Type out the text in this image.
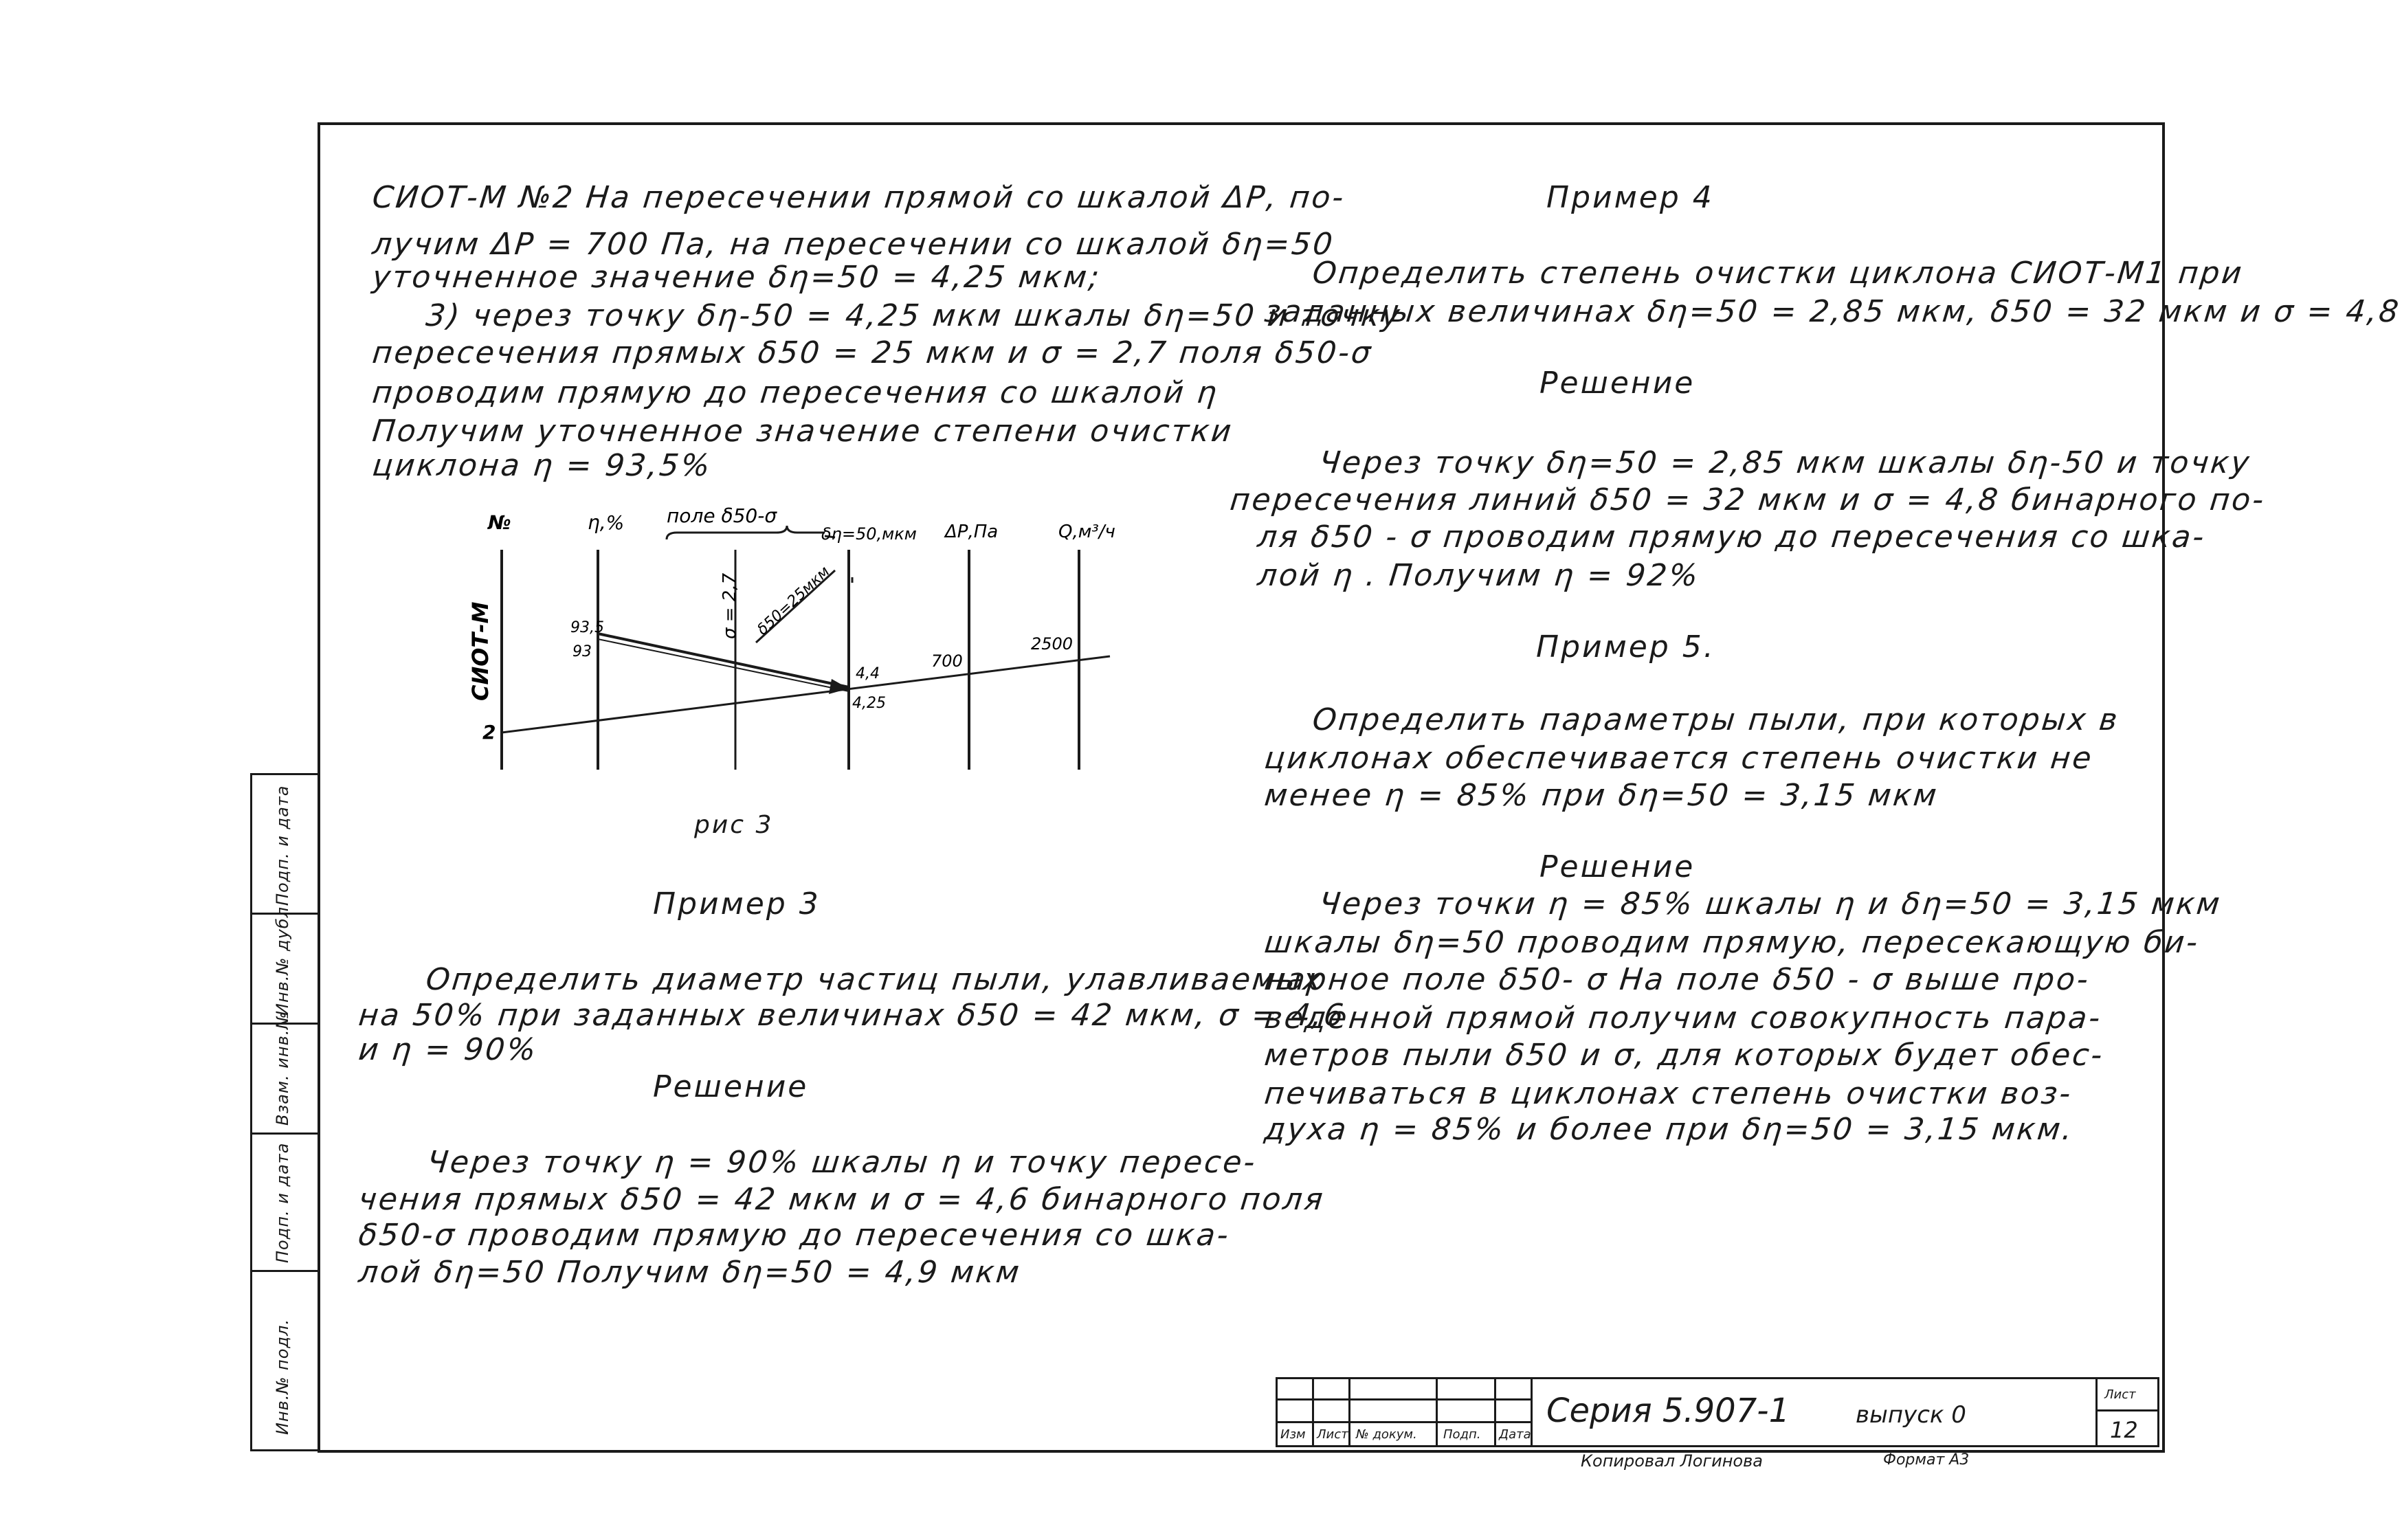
СИОТ-М №2 На пересечении прямой со шкалой ΔР, по-
лучим ΔР = 700 Па, на пересечении со шкалой δη=50
уточненное значение δη=50 = 4,25 мкм;
3) через точку δη-50 = 4,25 мкм шкалы δη=50 и точку
пересечения прямых δ50 = 25 мкм и σ = 2,7 поля δ50-σ
проводим прямую до пересечения со шкалой η
Получим уточненное значение степени очистки
циклона η = 93,5%
№	η,% поле δ50-σ
δη=50,мкм ΔР,Па	Q,м³/ч
СИОТ-М	σ = 2,7 δ50=25мкм
93,5
93
2
4,4
4,25
700
2500
рис 3
Пример 3
Определить диаметр частиц пыли, улавливаемых
на 50% при заданных величинах δ50 = 42 мкм, σ = 4,6
и η = 90%
Решение
Через точку η = 90% шкалы η и точку пересе-
чения прямых δ50 = 42 мкм и σ = 4,6 бинарного поля
δ50-σ проводим прямую до пересечения со шка-
лой δη=50 Получим δη=50 = 4,9 мкм
Пример 4
Определить степень очистки циклона СИОТ-М1 при
заданных величинах δη=50 = 2,85 мкм, δ50 = 32 мкм и σ = 4,8
Решение
Через точку δη=50 = 2,85 мкм шкалы δη-50 и точку
пересечения линий δ50 = 32 мкм и σ = 4,8 бинарного по-
ля δ50 - σ проводим прямую до пересечения со шка-
лой η . Получим η = 92%
Пример 5.
Определить параметры пыли, при которых в
циклонах обеспечивается степень очистки не
менее η = 85% при δη=50 = 3,15 мкм
Решение
Через точки η = 85% шкалы η и δη=50 = 3,15 мкм
шкалы δη=50 проводим прямую, пересекающую би-
нарное поле δ50- σ На поле δ50 - σ выше про-
веденной прямой получим совокупность пара-
метров пыли δ50 и σ, для которых будет обес-
печиваться в циклонах степень очистки воз-
духа η = 85% и более при δη=50 = 3,15 мкм.
Подп. и дата
Инв.№ дубл.
Взам. инв.№
Подп. и дата
Инв.№ подл.	Изм Лист № докум. Подп. Дата
Серия 5.907-1	выпуск 0
Лист
12
Копировал Логинова	Формат А3
